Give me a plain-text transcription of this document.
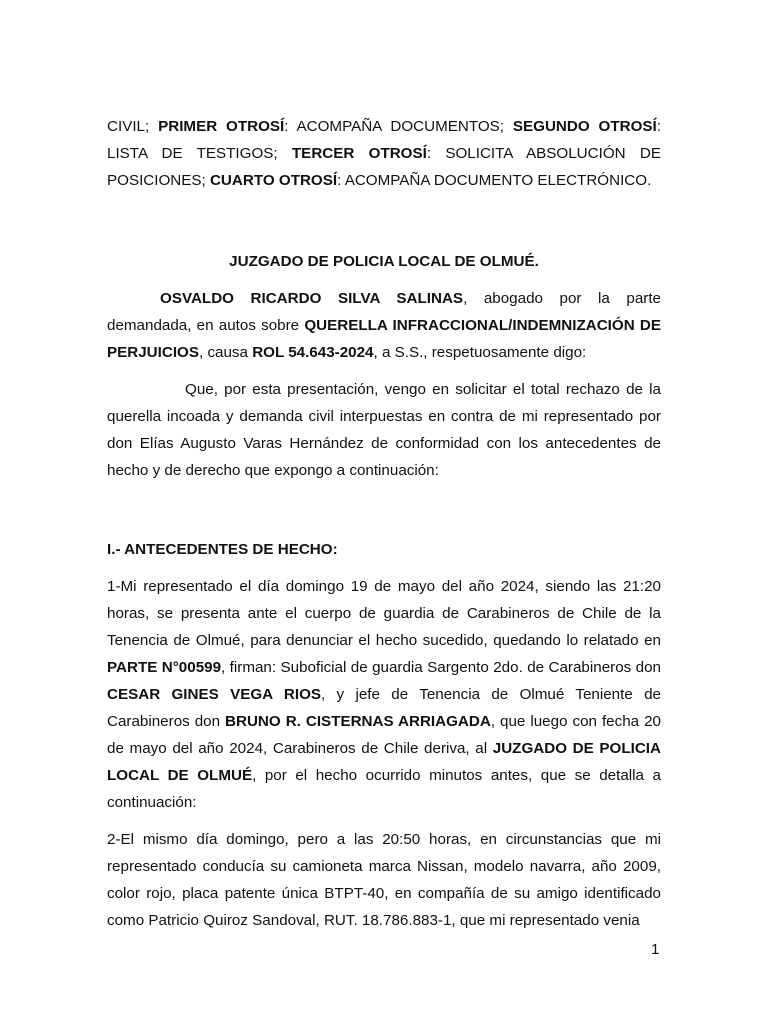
CIVIL; PRIMER OTROSÍ: ACOMPAÑA DOCUMENTOS; SEGUNDO OTROSÍ: LISTA DE TESTIGOS; TERCER OTROSÍ: SOLICITA ABSOLUCIÓN DE POSICIONES; CUARTO OTROSÍ: ACOMPAÑA DOCUMENTO ELECTRÓNICO.

JUZGADO DE POLICIA LOCAL DE OLMUÉ.

OSVALDO RICARDO SILVA SALINAS, abogado por la parte demandada, en autos sobre QUERELLA INFRACCIONAL/INDEMNIZACIÓN DE PERJUICIOS, causa ROL 54.643-2024, a S.S., respetuosamente digo:

Que, por esta presentación, vengo en solicitar el total rechazo de la querella incoada y demanda civil interpuestas en contra de mi representado por don Elías Augusto Varas Hernández de conformidad con los antecedentes de hecho y de derecho que expongo a continuación:

I.- ANTECEDENTES DE HECHO:

1-Mi representado el día domingo 19 de mayo del año 2024, siendo las 21:20 horas, se presenta ante el cuerpo de guardia de Carabineros de Chile de la Tenencia de Olmué, para denunciar el hecho sucedido, quedando lo relatado en PARTE N°00599, firman: Suboficial de guardia Sargento 2do. de Carabineros don CESAR GINES VEGA RIOS, y jefe de Tenencia de Olmué Teniente de Carabineros don BRUNO R. CISTERNAS ARRIAGADA, que luego con fecha 20 de mayo del año 2024, Carabineros de Chile deriva, al JUZGADO DE POLICIA LOCAL DE OLMUÉ, por el hecho ocurrido minutos antes, que se detalla a continuación:

2-El mismo día domingo, pero a las 20:50 horas, en circunstancias que mi representado conducía su camioneta marca Nissan, modelo navarra, año 2009, color rojo, placa patente única BTPT-40, en compañía de su amigo identificado como Patricio Quiroz Sandoval, RUT. 18.786.883-1, que mi representado venia

1
